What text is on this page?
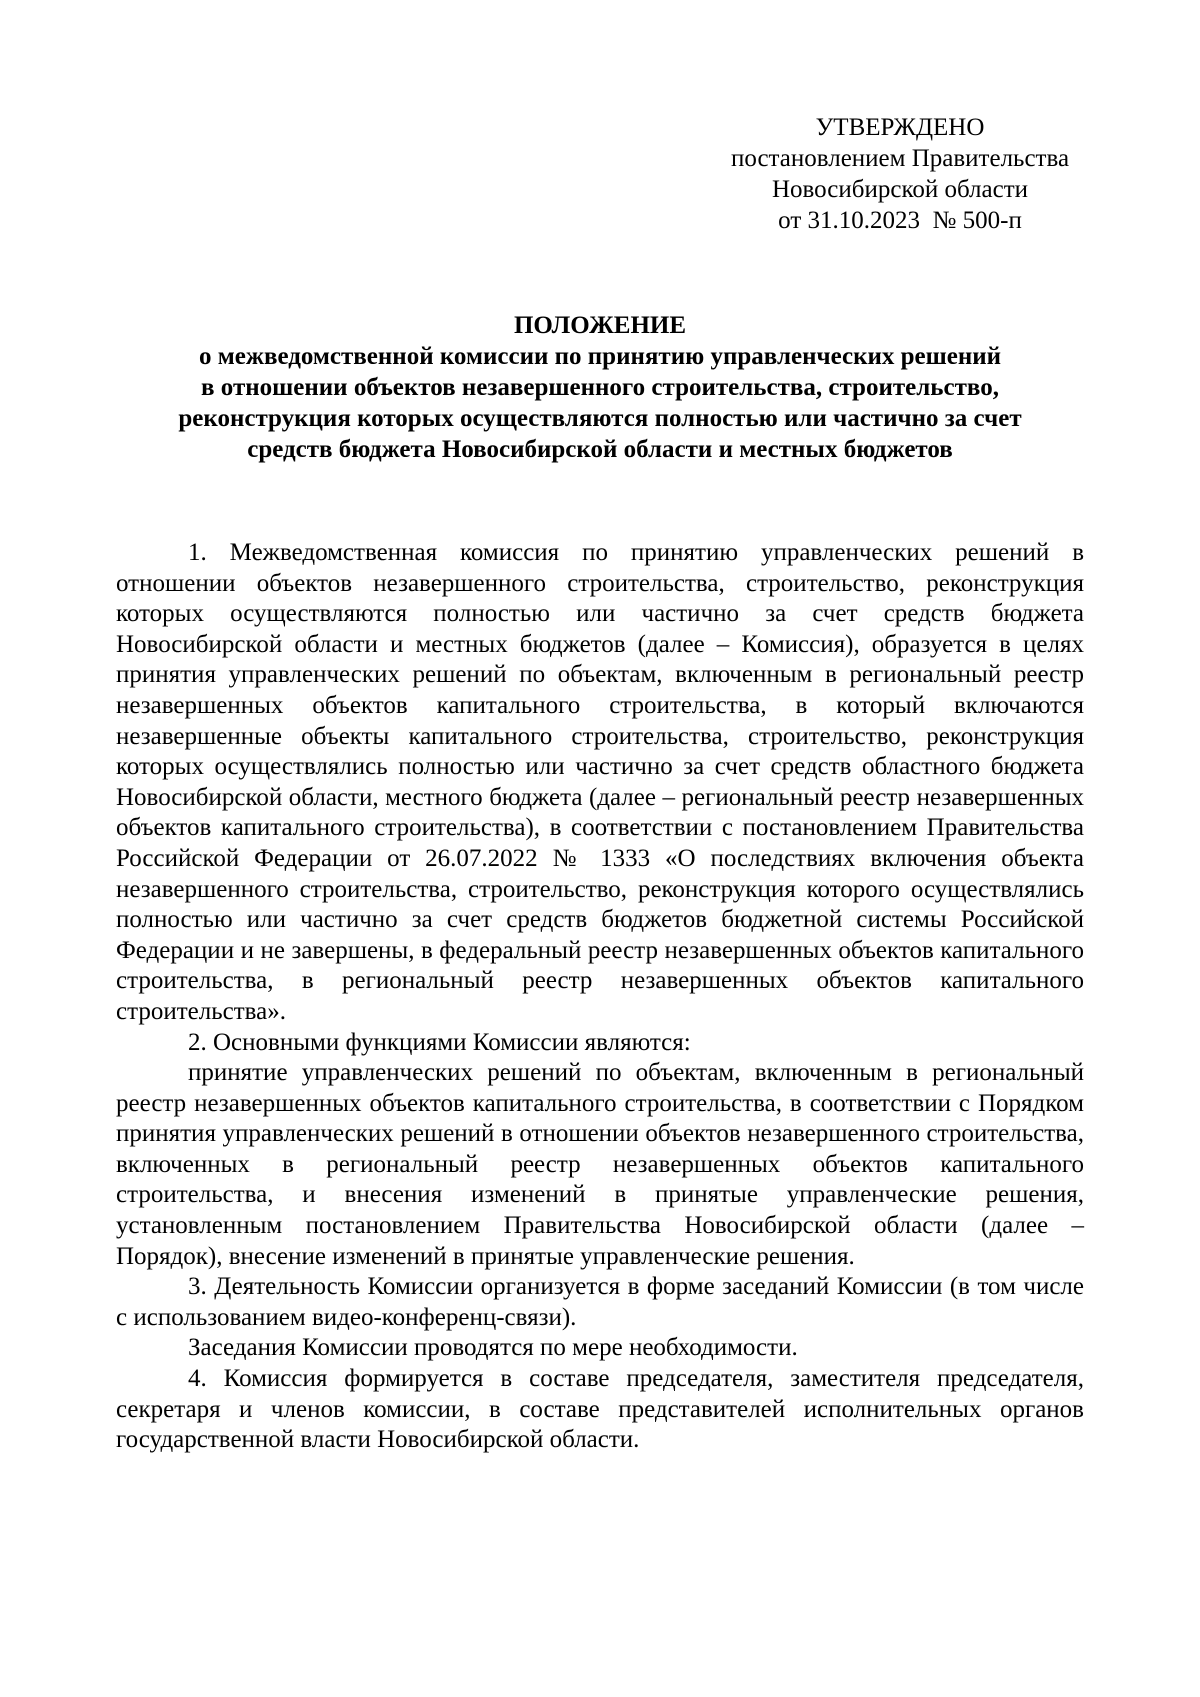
УТВЕРЖДЕНО
постановлением Правительства
Новосибирской области
от 31.10.2023  № 500-п
ПОЛОЖЕНИЕ
о межведомственной комиссии по принятию управленческих решений
в отношении объектов незавершенного строительства, строительство,
реконструкция которых осуществляются полностью или частично за счет
средств бюджета Новосибирской области и местных бюджетов

1. Межведомственная комиссия по принятию управленческих решений в отношении объектов незавершенного строительства, строительство, реконструкция которых осуществляются полностью или частично за счет средств бюджета Новосибирской области и местных бюджетов (далее – Комиссия), образуется в целях принятия управленческих решений по объектам, включенным в региональный реестр незавершенных объектов капитального строительства, в который включаются незавершенные объекты капитального строительства, строительство, реконструкция которых осуществлялись полностью или частично за счет средств областного бюджета Новосибирской области, местного бюджета (далее – региональный реестр незавершенных объектов капитального строительства), в соответствии с постановлением Правительства Российской Федерации от 26.07.2022 № 1333 «О последствиях включения объекта незавершенного строительства, строительство, реконструкция которого осуществлялись полностью или частично за счет средств бюджетов бюджетной системы Российской Федерации и не завершены, в федеральный реестр незавершенных объектов капитального строительства, в региональный реестр незавершенных объектов капитального строительства».

2. Основными функциями Комиссии являются:

принятие управленческих решений по объектам, включенным в региональный реестр незавершенных объектов капитального строительства, в соответствии с Порядком принятия управленческих решений в отношении объектов незавершенного строительства, включенных в региональный реестр незавершенных объектов капитального строительства, и внесения изменений в принятые управленческие решения, установленным постановлением Правительства Новосибирской области (далее – Порядок), внесение изменений в принятые управленческие решения.

3. Деятельность Комиссии организуется в форме заседаний Комиссии (в том числе с использованием видео-конференц-связи).

Заседания Комиссии проводятся по мере необходимости.

4. Комиссия формируется в составе председателя, заместителя председателя, секретаря и членов комиссии, в составе представителей исполнительных органов государственной власти Новосибирской области.
